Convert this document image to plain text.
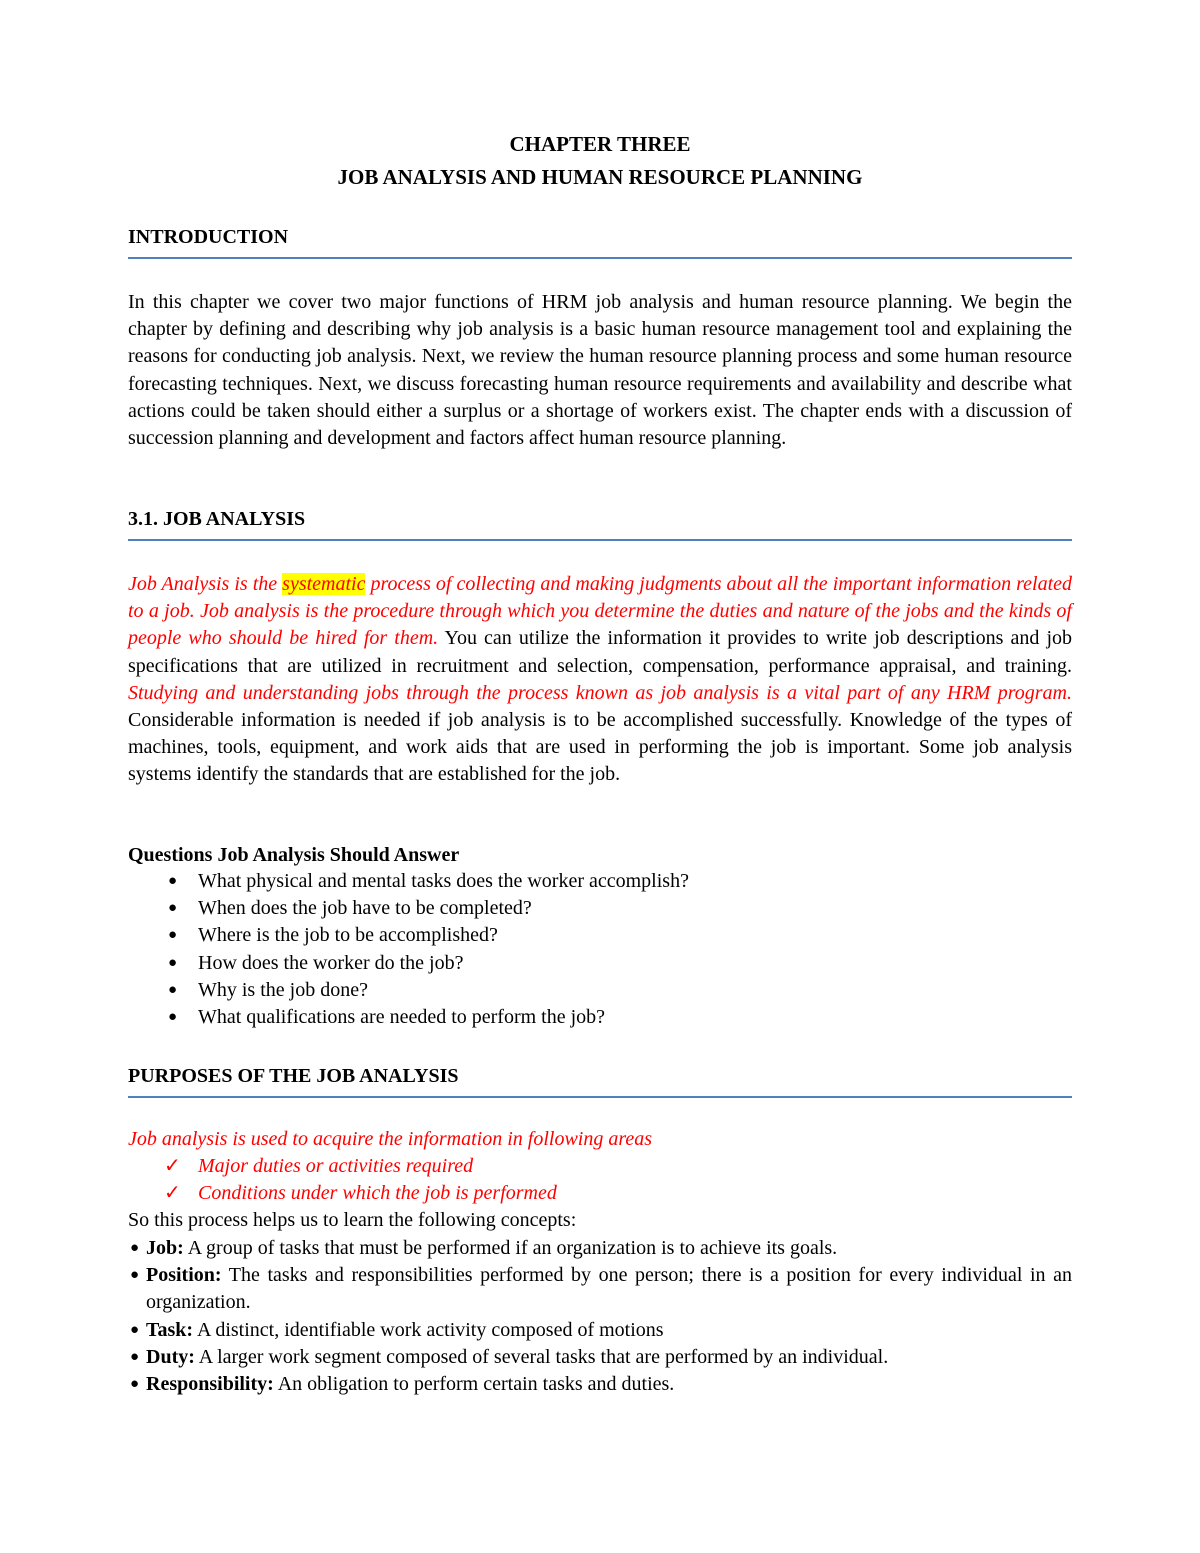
CHAPTER THREE
JOB ANALYSIS AND HUMAN RESOURCE PLANNING
INTRODUCTION
In this chapter we cover two major functions of HRM job analysis and human resource planning. We begin the chapter by defining and describing why job analysis is a basic human resource management tool and explaining the reasons for conducting job analysis. Next, we review the human resource planning process and some human resource forecasting techniques. Next, we discuss forecasting human resource requirements and availability and describe what actions could be taken should either a surplus or a shortage of workers exist. The chapter ends with a discussion of succession planning and development and factors affect human resource planning.
3.1. JOB ANALYSIS
Job Analysis is the systematic process of collecting and making judgments about all the important information related to a job. Job analysis is the procedure through which you determine the duties and nature of the jobs and the kinds of people who should be hired for them. You can utilize the information it provides to write job descriptions and job specifications that are utilized in recruitment and selection, compensation, performance appraisal, and training. Studying and understanding jobs through the process known as job analysis is a vital part of any HRM program. Considerable information is needed if job analysis is to be accomplished successfully. Knowledge of the types of machines, tools, equipment, and work aids that are used in performing the job is important. Some job analysis systems identify the standards that are established for the job.
Questions Job Analysis Should Answer
● What physical and mental tasks does the worker accomplish?
● When does the job have to be completed?
● Where is the job to be accomplished?
● How does the worker do the job?
● Why is the job done?
● What qualifications are needed to perform the job?
PURPOSES OF THE JOB ANALYSIS
Job analysis is used to acquire the information in following areas
✓ Major duties or activities required
✓ Conditions under which the job is performed
So this process helps us to learn the following concepts:
● Job: A group of tasks that must be performed if an organization is to achieve its goals.
● Position: The tasks and responsibilities performed by one person; there is a position for every individual in an organization.
● Task: A distinct, identifiable work activity composed of motions
● Duty: A larger work segment composed of several tasks that are performed by an individual.
● Responsibility: An obligation to perform certain tasks and duties.
